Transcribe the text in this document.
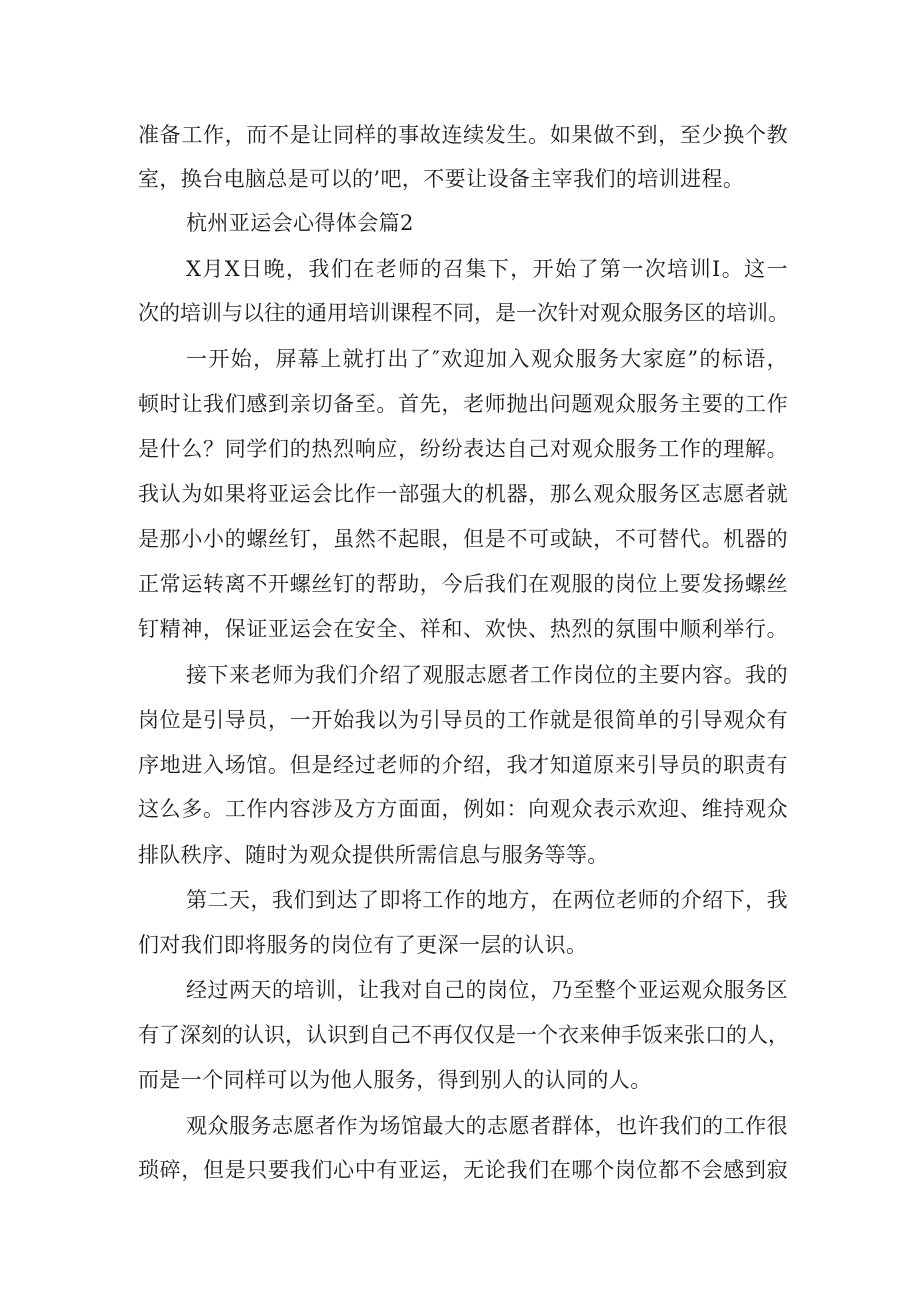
准备工作，而不是让同样的事故连续发生。如果做不到，至少换个教
室，换台电脑总是可以的’吧，不要让设备主宰我们的培训进程。
杭州亚运会心得体会篇2
X月X日晚，我们在老师的召集下，开始了第一次培训I。这一
次的培训与以往的通用培训课程不同，是一次针对观众服务区的培训。
一开始，屏幕上就打出了″欢迎加入观众服务大家庭”的标语，
顿时让我们感到亲切备至。首先，老师抛出问题观众服务主要的工作
是什么？同学们的热烈响应，纷纷表达自己对观众服务工作的理解。
我认为如果将亚运会比作一部强大的机器，那么观众服务区志愿者就
是那小小的螺丝钉，虽然不起眼，但是不可或缺，不可替代。机器的
正常运转离不开螺丝钉的帮助，今后我们在观服的岗位上要发扬螺丝
钉精神，保证亚运会在安全、祥和、欢快、热烈的氛围中顺利举行。
接下来老师为我们介绍了观服志愿者工作岗位的主要内容。我的
岗位是引导员，一开始我以为引导员的工作就是很简单的引导观众有
序地进入场馆。但是经过老师的介绍，我才知道原来引导员的职责有
这么多。工作内容涉及方方面面，例如：向观众表示欢迎、维持观众
排队秩序、随时为观众提供所需信息与服务等等。
第二天，我们到达了即将工作的地方，在两位老师的介绍下，我
们对我们即将服务的岗位有了更深一层的认识。
经过两天的培训，让我对自己的岗位，乃至整个亚运观众服务区
有了深刻的认识，认识到自己不再仅仅是一个衣来伸手饭来张口的人，
而是一个同样可以为他人服务，得到别人的认同的人。
观众服务志愿者作为场馆最大的志愿者群体，也许我们的工作很
琐碎，但是只要我们心中有亚运，无论我们在哪个岗位都不会感到寂
